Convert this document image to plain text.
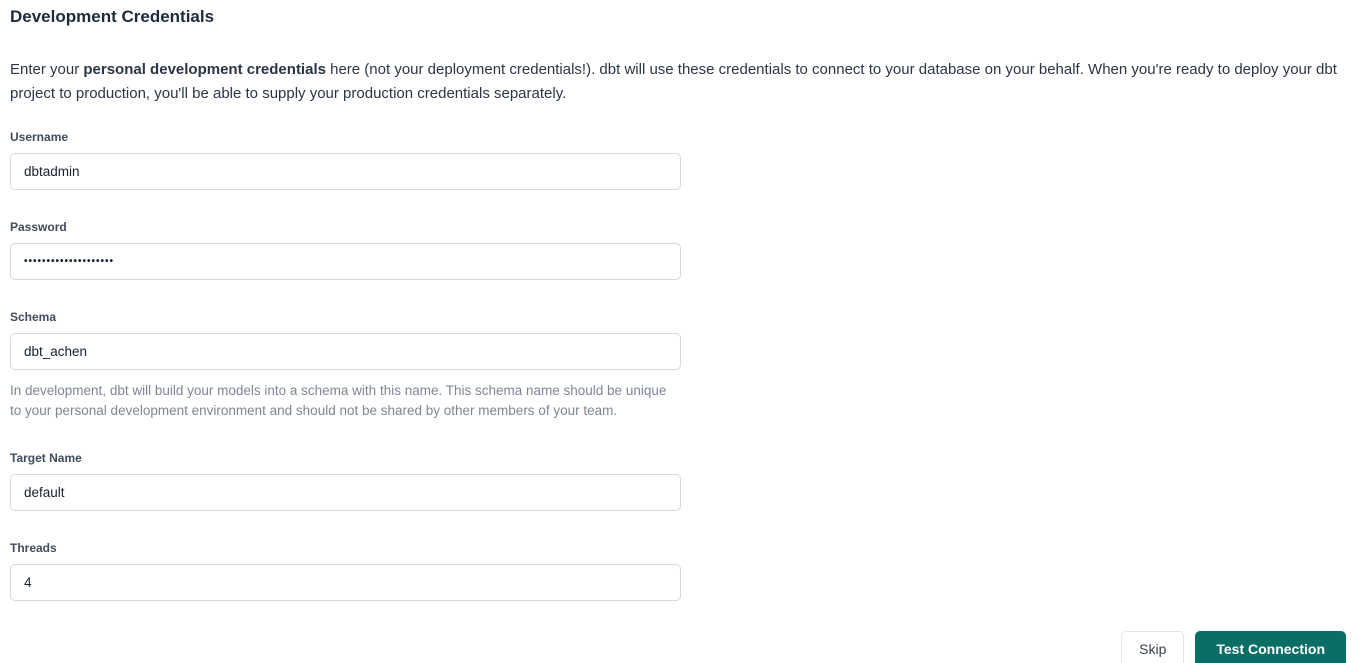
Development Credentials

Enter your personal development credentials here (not your deployment credentials!). dbt will use these credentials to connect to your database on your behalf. When you're ready to deploy your dbt project to production, you'll be able to supply your production credentials separately.

Username
dbtadmin
Password
••••••••••••••••••••
Schema
dbt_achen
In development, dbt will build your models into a schema with this name. This schema name should be unique to your personal development environment and should not be shared by other members of your team.
Target Name
default
Threads
4
Skip	Test Connection
